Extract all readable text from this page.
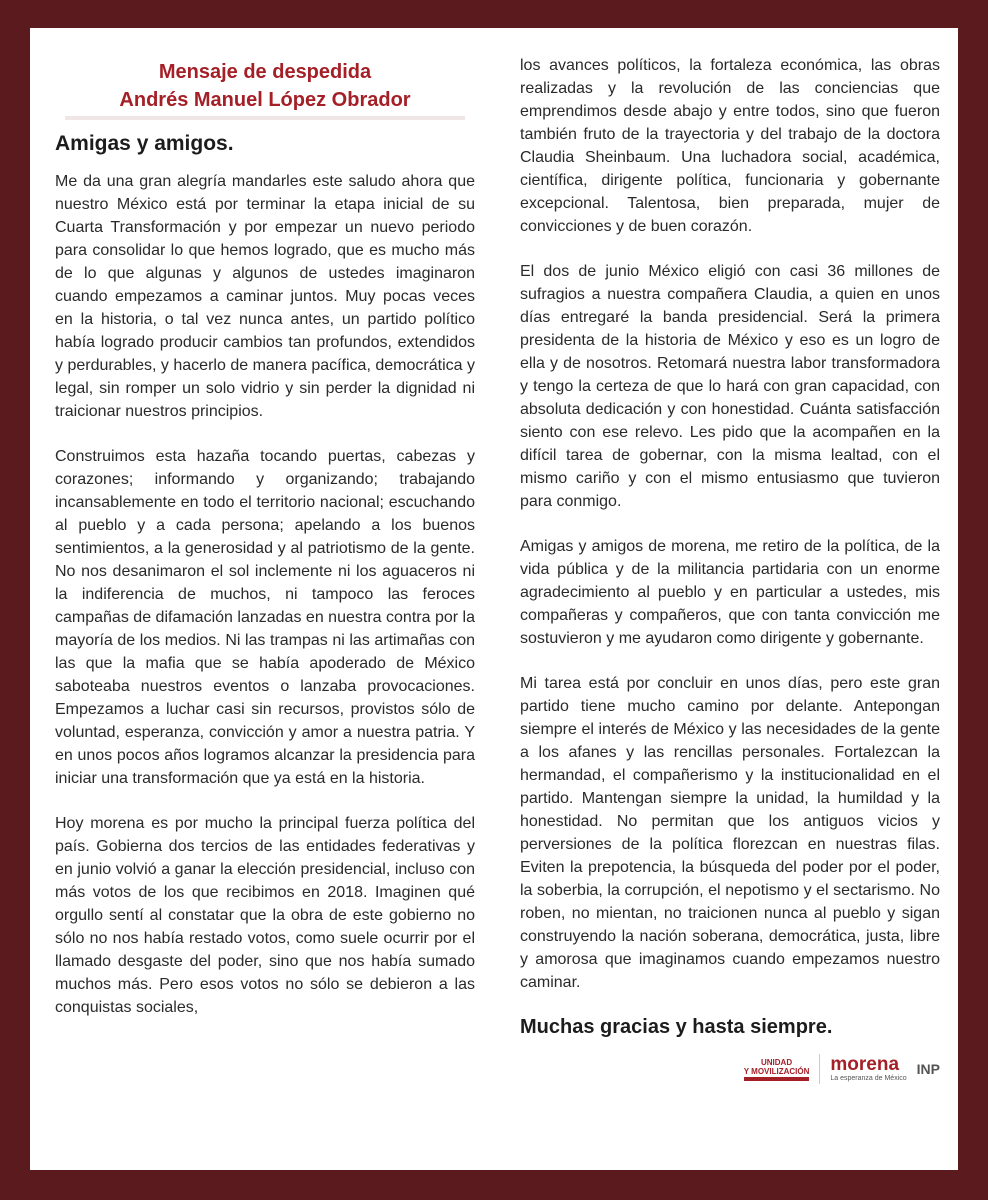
Mensaje de despedida
Andrés Manuel López Obrador
Amigas y amigos.

Me da una gran alegría mandarles este saludo ahora que nuestro México está por terminar la etapa inicial de su Cuarta Transformación y por empezar un nuevo periodo para consolidar lo que hemos logrado, que es mucho más de lo que algunas y algunos de ustedes imaginaron cuando empezamos a caminar juntos. Muy pocas veces en la historia, o tal vez nunca antes, un partido político había logrado producir cambios tan profundos, extendidos y perdurables, y hacerlo de manera pacífica, democrática y legal, sin romper un solo vidrio y sin perder la dignidad ni traicionar nuestros principios.

Construimos esta hazaña tocando puertas, cabezas y corazones; informando y organizando; trabajando incansablemente en todo el territorio nacional; escuchando al pueblo y a cada persona; apelando a los buenos sentimientos, a la generosidad y al patriotismo de la gente. No nos desanimaron el sol inclemente ni los aguaceros ni la indiferencia de muchos, ni tampoco las feroces campañas de difamación lanzadas en nuestra contra por la mayoría de los medios. Ni las trampas ni las artimañas con las que la mafia que se había apoderado de México saboteaba nuestros eventos o lanzaba provocaciones. Empezamos a luchar casi sin recursos, provistos sólo de voluntad, esperanza, convicción y amor a nuestra patria. Y en unos pocos años logramos alcanzar la presidencia para iniciar una transformación que ya está en la historia.

Hoy morena es por mucho la principal fuerza política del país. Gobierna dos tercios de las entidades federativas y en junio volvió a ganar la elección presidencial, incluso con más votos de los que recibimos en 2018. Imaginen qué orgullo sentí al constatar que la obra de este gobierno no sólo no nos había restado votos, como suele ocurrir por el llamado desgaste del poder, sino que nos había sumado muchos más. Pero esos votos no sólo se debieron a las conquistas sociales,

los avances políticos, la fortaleza económica, las obras realizadas y la revolución de las conciencias que emprendimos desde abajo y entre todos, sino que fueron también fruto de la trayectoria y del trabajo de la doctora Claudia Sheinbaum. Una luchadora social, académica, científica, dirigente política, funcionaria y gobernante excepcional. Talentosa, bien preparada, mujer de convicciones y de buen corazón.

El dos de junio México eligió con casi 36 millones de sufragios a nuestra compañera Claudia, a quien en unos días entregaré la banda presidencial. Será la primera presidenta de la historia de México y eso es un logro de ella y de nosotros. Retomará nuestra labor transformadora y tengo la certeza de que lo hará con gran capacidad, con absoluta dedicación y con honestidad. Cuánta satisfacción siento con ese relevo. Les pido que la acompañen en la difícil tarea de gobernar, con la misma lealtad, con el mismo cariño y con el mismo entusiasmo que tuvieron para conmigo.

Amigas y amigos de morena, me retiro de la política, de la vida pública y de la militancia partidaria con un enorme agradecimiento al pueblo y en particular a ustedes, mis compañeras y compañeros, que con tanta convicción me sostuvieron y me ayudaron como dirigente y gobernante.

Mi tarea está por concluir en unos días, pero este gran partido tiene mucho camino por delante. Antepongan siempre el interés de México y las necesidades de la gente a los afanes y las rencillas personales. Fortalezcan la hermandad, el compañerismo y la institucionalidad en el partido. Mantengan siempre la unidad, la humildad y la honestidad. No permitan que los antiguos vicios y perversiones de la política florezcan en nuestras filas. Eviten la prepotencia, la búsqueda del poder por el poder, la soberbia, la corrupción, el nepotismo y el sectarismo. No roben, no mientan, no traicionen nunca al pueblo y sigan construyendo la nación soberana, democrática, justa, libre y amorosa que imaginamos cuando empezamos nuestro caminar.

Muchas gracias y hasta siempre.
UNIDAD
Y MOVILIZACIÓN morena
La esperanza de México
INP
